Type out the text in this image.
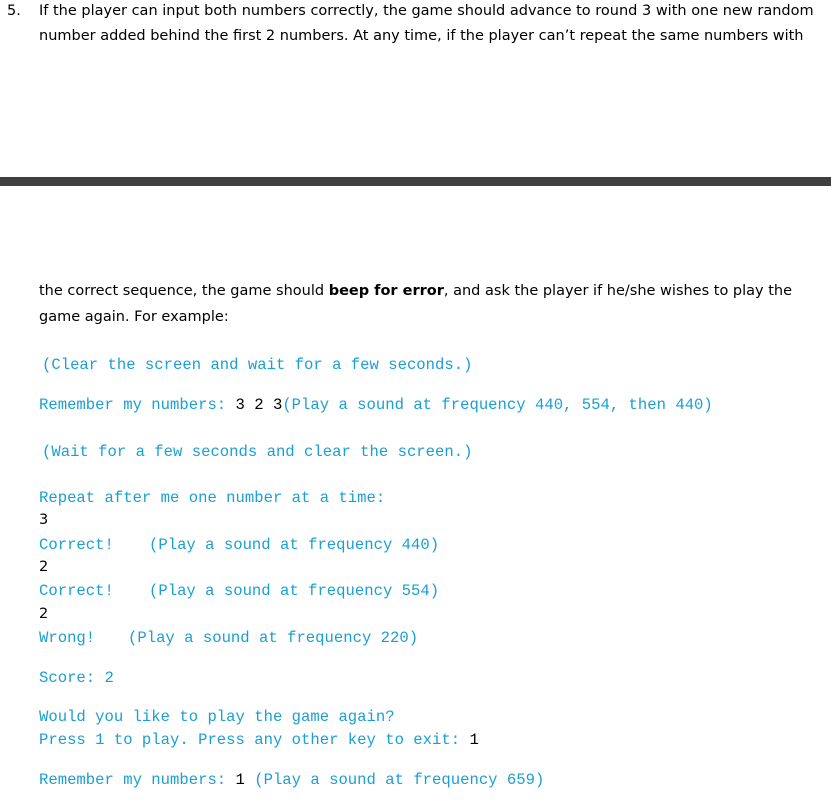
5. If the player can input both numbers correctly, the game should advance to round 3 with one new random
number added behind the first 2 numbers. At any time, if the player can’t repeat the same numbers with
the correct sequence, the game should beep for error, and ask the player if he/she wishes to play the
game again. For example:
(Clear the screen and wait for a few seconds.)
Remember my numbers: 3 2 3(Play a sound at frequency 440, 554, then 440)
(Wait for a few seconds and clear the screen.)
Repeat after me one number at a time:
3
Correct! (Play a sound at frequency 440)
2
Correct! (Play a sound at frequency 554)
2
Wrong! (Play a sound at frequency 220)
Score: 2
Would you like to play the game again?
Press 1 to play. Press any other key to exit: 1
Remember my numbers: 1 (Play a sound at frequency 659)
